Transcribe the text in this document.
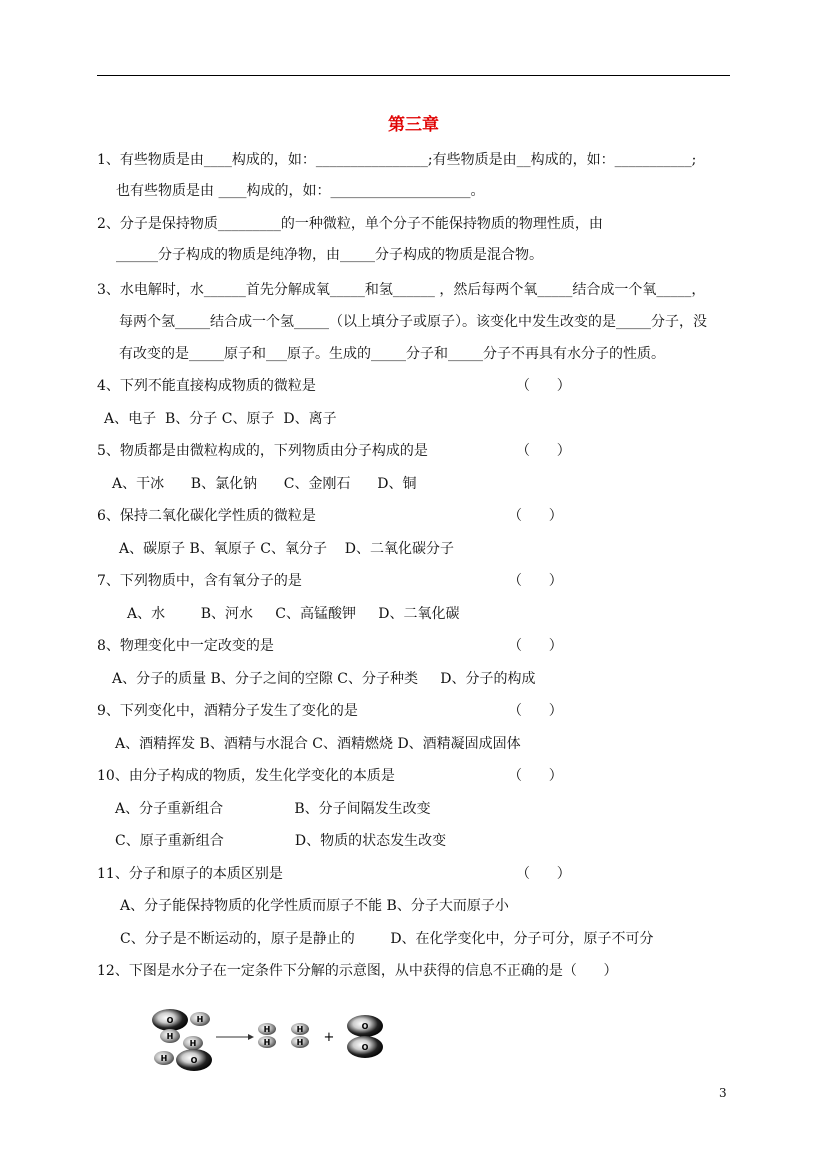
第三章
1、有些物质是由____构成的，如：________________;有些物质是由__构成的，如：___________;
也有些物质是由 ____构成的，如：____________________。
2、分子是保持物质_________的一种微粒，单个分子不能保持物质的物理性质，由
______分子构成的物质是纯净物，由_____分子构成的物质是混合物。
3、水电解时，水______首先分解成氧_____和氢______ ，然后每两个氧_____结合成一个氧_____，
每两个氢_____结合成一个氢_____（以上填分子或原子）。该变化中发生改变的是_____分子，没
有改变的是_____原子和___原子。生成的_____分子和_____分子不再具有水分子的性质。
4、下列不能直接构成物质的微粒是	（      ）
A、电子  B、分子 C、原子  D、离子
5、物质都是由微粒构成的，下列物质由分子构成的是	（      ）
A、干冰      B、氯化钠      C、金刚石      D、铜
6、保持二氧化碳化学性质的微粒是	（      ）
A、碳原子 B、氧原子 C、氧分子    D、二氧化碳分子
7、下列物质中，含有氧分子的是	（      ）
A、水        B、河水     C、高锰酸钾     D、二氧化碳
8、物理变化中一定改变的是	（      ）
A、分子的质量 B、分子之间的空隙 C、分子种类     D、分子的构成
9、下列变化中，酒精分子发生了变化的是	（      ）
A、酒精挥发 B、酒精与水混合 C、酒精燃烧 D、酒精凝固成固体
10、由分子构成的物质，发生化学变化的本质是	（      ）
A、分子重新组合                B、分子间隔发生改变
C、原子重新组合                D、物质的状态发生改变
11、分子和原子的本质区别是	（      ）
A、分子能保持物质的化学性质而原子不能 B、分子大而原子小
C、分子是不断运动的，原子是静止的        D、在化学变化中，分子可分，原子不可分
12、下图是水分子在一定条件下分解的示意图，从中获得的信息不正确的是（      ）
O	H
H
H
H	O
H
H
H
H +
O
O
3
